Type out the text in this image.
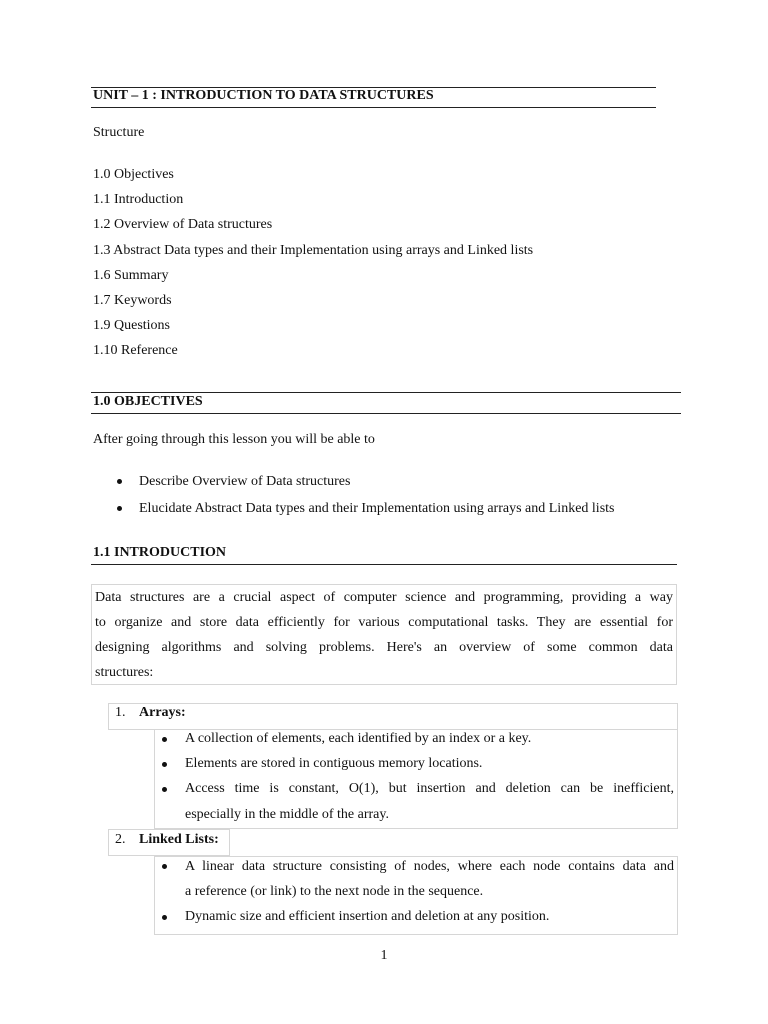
UNIT – 1 : INTRODUCTION TO DATA STRUCTURES
Structure
1.0 Objectives
1.1 Introduction
1.2 Overview of Data structures
1.3 Abstract Data types and their Implementation using arrays and Linked lists
1.6 Summary
1.7 Keywords
1.9 Questions
1.10 Reference
1.0 OBJECTIVES
After going through this lesson you will be able to
Describe Overview of Data structures
Elucidate Abstract Data types and their Implementation using arrays and Linked lists
1.1 INTRODUCTION
Data structures are a crucial aspect of computer science and programming, providing a way
to organize and store data efficiently for various computational tasks. They are essential for
designing algorithms and solving problems. Here's an overview of some common data
structures:
1. Arrays:
A collection of elements, each identified by an index or a key.
Elements are stored in contiguous memory locations.
Access time is constant, O(1), but insertion and deletion can be inefficient,
especially in the middle of the array.
2. Linked Lists:
A linear data structure consisting of nodes, where each node contains data and
a reference (or link) to the next node in the sequence.
Dynamic size and efficient insertion and deletion at any position.
1
